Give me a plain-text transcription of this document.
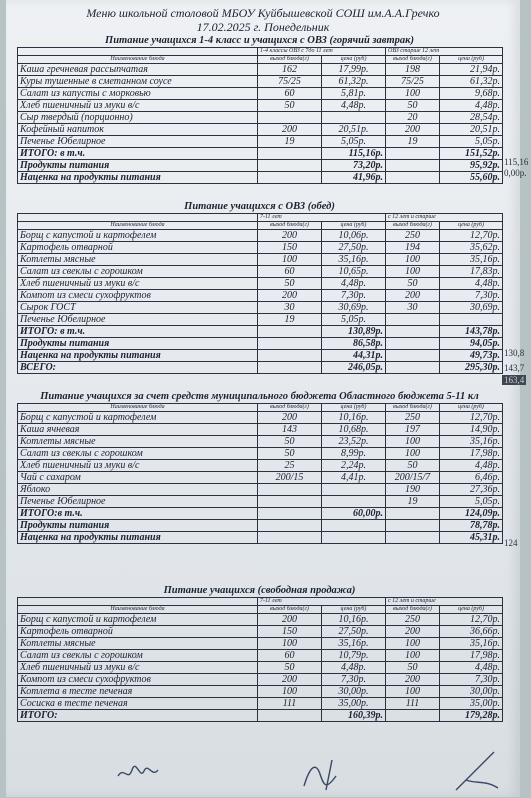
Меню школьной столовой МБОУ Куйбышевской СОШ им.А.А.Гречко
17.02.2025 г. Понедельник
Питание учащихся 1-4 класс и учащихся с ОВЗ (горячий завтрак)
	1-4 классы ОВЗ с 7до 11 лет		ОВЗ старше 12 лет	
Наименование блюда	выход блюда(г)	цена (руб)	выход блюда(г)	цена (руб)
Каша гречневая рассыпчатая	162	17,99р.	198	21,94р.
Куры тушенные в сметанном соусе	75/25	61,32р.	75/25	61,32р.
Салат из капусты с морковью	60	5,81р.	100	9,68р.
Хлеб пшеничный из муки в/с	50	4,48р.	50	4,48р.
Сыр твердый (порционно)			20	28,54р.
Кофейный напиток	200	20,51р.	200	20,51р.
Печенье Юбелирное	19	5,05р.	19	5,05р.
ИТОГО: в т.ч.		115,16р.		151,52р.
Продукты питания		73,20р.		95,92р.
Наценка на продукты питания		41,96р.		55,60р.
Питание учащихся с ОВЗ (обед)
	7-11 лет		с 12 лет и старше	
Наименование блюда	выход блюда(г)	цена (руб)	выход блюда(г)	цена (руб)
Борщ с капустой и картофелем	200	10,06р.	250	12,70р.
Картофель отварной	150	27,50р.	194	35,62р.
Котлеты мясные	100	35,16р.	100	35,16р.
Салат из свеклы с горошком	60	10,65р.	100	17,83р.
Хлеб пшеничный из муки в/с	50	4,48р.	50	4,48р.
Компот из смеси сухофруктов	200	7,30р.	200	7,30р.
Сырок ГОСТ	30	30,69р.	30	30,69р.
Печенье Юбелирное	19	5,05р.		
ИТОГО: в т.ч.		130,89р.		143,78р.
Продукты питания		86,58р.		94,05р.
Наценка на продукты питания		44,31р.		49,73р.
ВСЕГО:		246,05р.		295,30р.
Питание учащихся за счет средств муниципального бюджета Областного бюджета 5-11 кл
Наименование блюда	выход блюда(г)	цена (руб)	выход блюда(г)	цена (руб)
Борщ с капустой и картофелем	200	10,16р.	250	12,70р.
Каша ячневая	143	10,68р.	197	14,90р.
Котлеты мясные	50	23,52р.	100	35,16р.
Салат из свеклы с горошком	50	8,99р.	100	17,98р.
Хлеб пшеничный из муки в/с	25	2,24р.	50	4,48р.
Чай с сахаром	200/15	4,41р.	200/15/7	6,46р.
Яблоко			190	27,36р.
Печенье Юбелирное			19	5,05р.
ИТОГО:в т.ч.		60,00р.		124,09р.
Продукты питания				78,78р.
Наценка на продукты питания				45,31р.
Питание учащихся (свободная продажа)
	7-11 лет		с 12 лет и старше	
Наименование блюда	выход блюда(г)	цена (руб)	выход блюда(г)	цена (руб)
Борщ с капустой и картофелем	200	10,16р.	250	12,70р.
Картофель отварной	150	27,50р.	200	36,66р.
Котлеты мясные	100	35,16р.	100	35,16р.
Салат из свеклы с горошком	60	10,79р.	100	17,98р.
Хлеб пшеничный из муки в/с	50	4,48р.	50	4,48р.
Компот из смеси сухофруктов	200	7,30р.	200	7,30р.
Котлета в тесте печеная	100	30,00р.	100	30,00р.
Сосиска в тесте печеная	111	35,00р.	111	35,00р.
ИТОГО:		160,39р.		179,28р.
115,16
0,00р.
130,8
143,7
163,4
124
